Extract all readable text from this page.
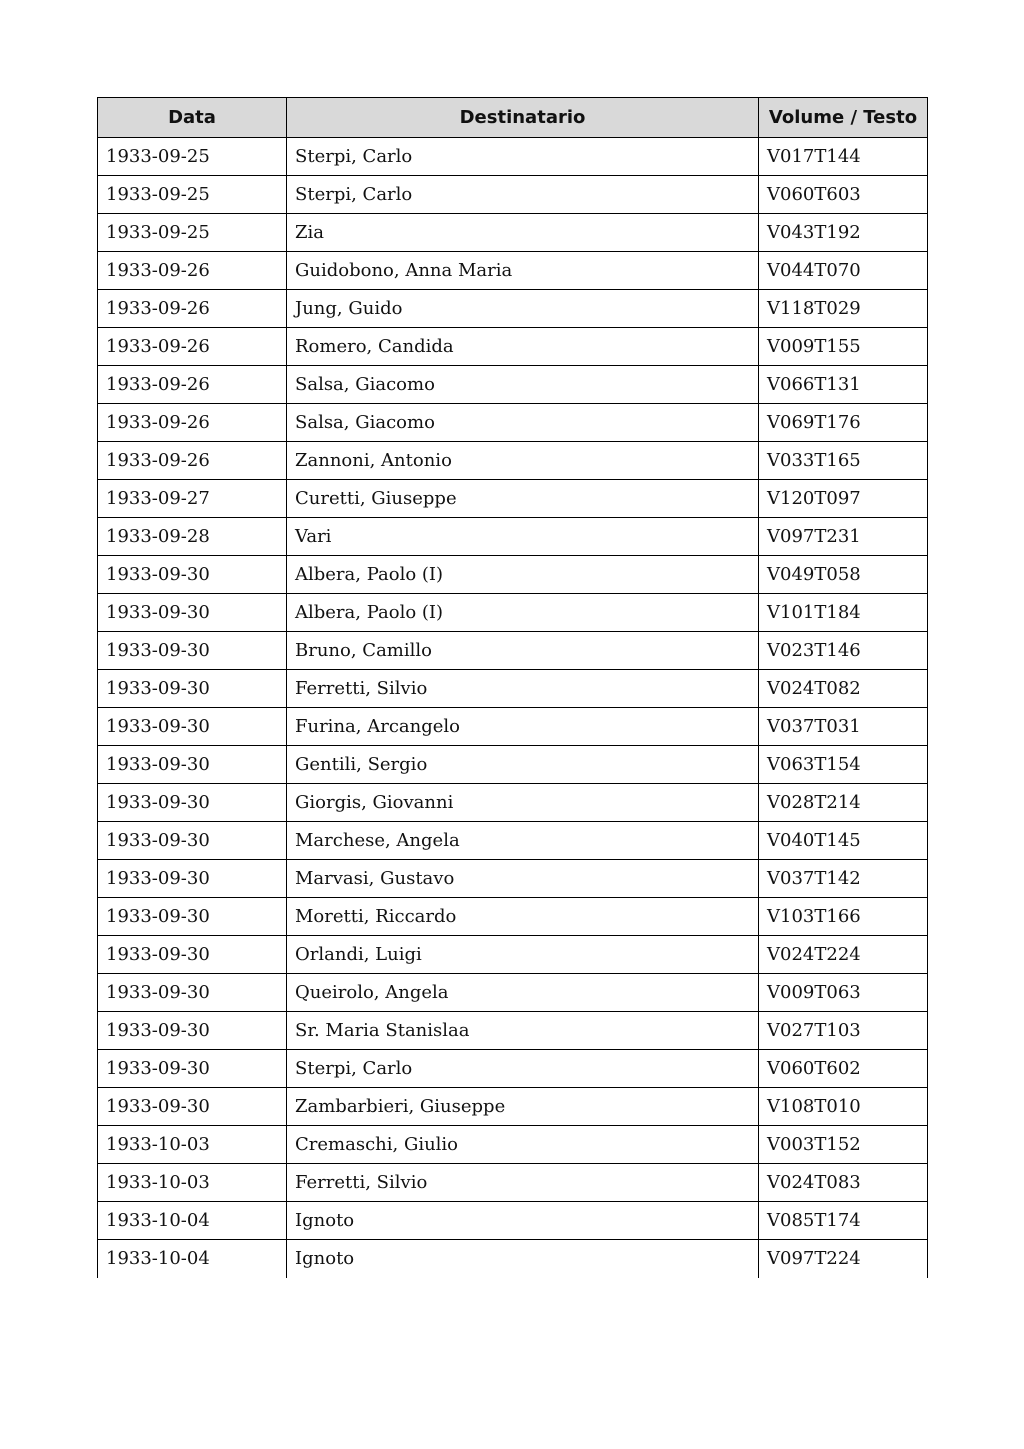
Data	Destinatario	Volume / Testo
1933-09-25	Sterpi, Carlo	V017T144
1933-09-25	Sterpi, Carlo	V060T603
1933-09-25	Zia	V043T192
1933-09-26	Guidobono, Anna Maria	V044T070
1933-09-26	Jung, Guido	V118T029
1933-09-26	Romero, Candida	V009T155
1933-09-26	Salsa, Giacomo	V066T131
1933-09-26	Salsa, Giacomo	V069T176
1933-09-26	Zannoni, Antonio	V033T165
1933-09-27	Curetti, Giuseppe	V120T097
1933-09-28	Vari	V097T231
1933-09-30	Albera, Paolo (I)	V049T058
1933-09-30	Albera, Paolo (I)	V101T184
1933-09-30	Bruno, Camillo	V023T146
1933-09-30	Ferretti, Silvio	V024T082
1933-09-30	Furina, Arcangelo	V037T031
1933-09-30	Gentili, Sergio	V063T154
1933-09-30	Giorgis, Giovanni	V028T214
1933-09-30	Marchese, Angela	V040T145
1933-09-30	Marvasi, Gustavo	V037T142
1933-09-30	Moretti, Riccardo	V103T166
1933-09-30	Orlandi, Luigi	V024T224
1933-09-30	Queirolo, Angela	V009T063
1933-09-30	Sr. Maria Stanislaa	V027T103
1933-09-30	Sterpi, Carlo	V060T602
1933-09-30	Zambarbieri, Giuseppe	V108T010
1933-10-03	Cremaschi, Giulio	V003T152
1933-10-03	Ferretti, Silvio	V024T083
1933-10-04	Ignoto	V085T174
1933-10-04	Ignoto	V097T224
